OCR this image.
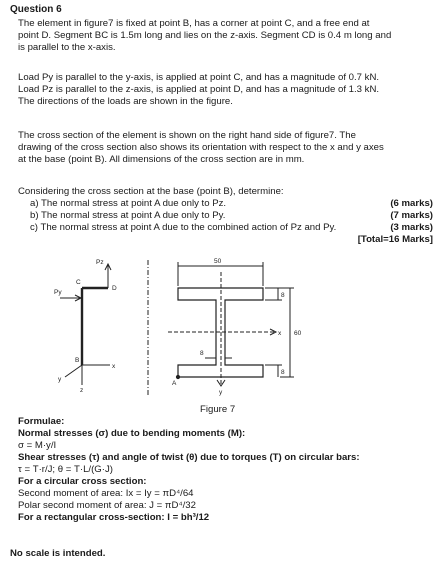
Question 6
The element in figure7 is fixed at point B, has a corner at point C, and a free end at
point D. Segment BC is 1.5m long and lies on the z-axis. Segment CD is 0.4 m long and
is parallel to the x-axis.
Load Py is parallel to the y-axis, is applied at point C, and has a magnitude of 0.7 kN.
Load Pz is parallel to the z-axis, is applied at point D, and has a magnitude of 1.3 kN.
The directions of the loads are shown in the figure.
The cross section of the element is shown on the right hand side of figure7. The
drawing of the cross section also shows its orientation with respect to the x and y axes
at the base (point B). All dimensions of the cross section are in mm.
Considering the cross section at the base (point B), determine:
a) The normal stress at point A due only to Pz.	(6 marks)
b) The normal stress at point A due only to Py.	(7 marks)
c) The normal stress at point A due to the combined action of Pz and Py.	(3 marks)
[Total=16 Marks]
Pz
Py
C
D
B
x
y
z
A
50
8
60
8
8
x
y
Figure 7
Formulae:
Normal stresses (σ) due to bending moments (M):
σ = M·y/I
Shear stresses (τ) and angle of twist (θ) due to torques (T) on circular bars:
τ = T·r/J; θ = T·L/(G·J)
For a circular cross section:
Second moment of area: Ix = Iy = πD⁴/64
Polar second moment of area: J = πD⁴/32
For a rectangular cross-section: I = bh³/12
No scale is intended.
